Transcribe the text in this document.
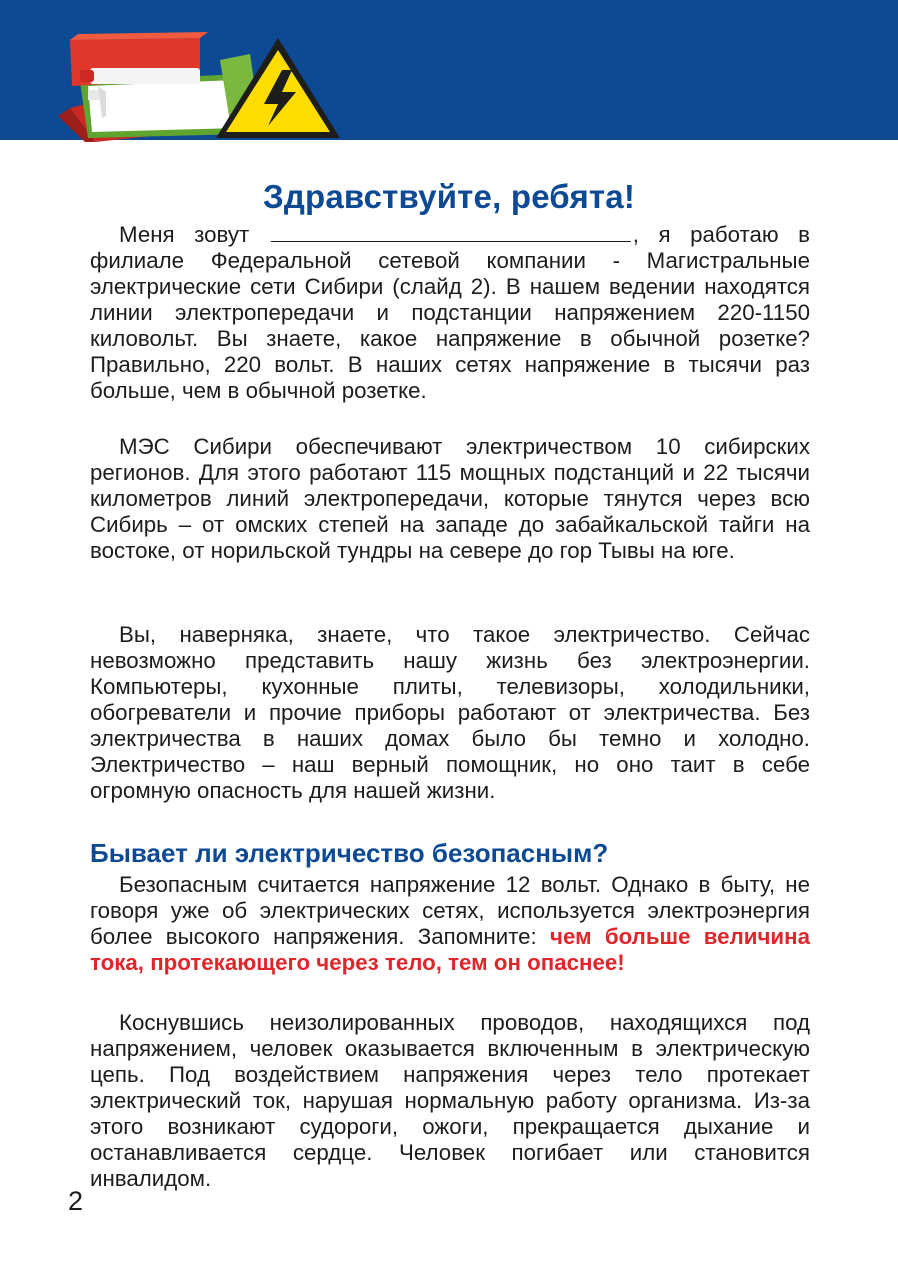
Здравствуйте, ребята!

Меня зовут	, я работаю в филиале Федеральной сетевой компании - Магистральные электрические сети Сибири (слайд 2). В нашем ведении находятся линии электропередачи и подстанции напряжением 220-1150 киловольт. Вы знаете, какое напряжение в обычной розетке? Правильно, 220 вольт. В наших сетях напряжение в тысячи раз больше, чем в обычной розетке.

МЭС Сибири обеспечивают электричеством 10 сибирских регионов. Для этого работают 115 мощных подстанций и 22 тысячи километров линий электропередачи, которые тянутся через всю Сибирь – от омских степей на западе до забайкальской тайги на востоке, от норильской тундры на севере до гор Тывы на юге.

Вы, наверняка, знаете, что такое электричество. Сейчас невозможно представить нашу жизнь без электроэнергии. Компьютеры, кухонные плиты, телевизоры, холодильники, обогреватели и прочие приборы работают от электричества. Без электричества в наших домах было бы темно и холодно. Электричество – наш верный помощник, но оно таит в себе огромную опасность для нашей жизни.

Бывает ли электричество безопасным?

Безопасным считается напряжение 12 вольт. Однако в быту, не говоря уже об электрических сетях, используется электроэнергия более высокого напряжения. Запомните: чем больше величина тока, протекающего через тело, тем он опаснее!

Коснувшись неизолированных проводов, находящихся под напряжением, человек оказывается включенным в электрическую цепь. Под воздействием напряжения через тело протекает электрический ток, нарушая нормальную работу организма. Из-за этого возникают судороги, ожоги, прекращается дыхание и останавливается сердце. Человек погибает или становится инвалидом.

2
